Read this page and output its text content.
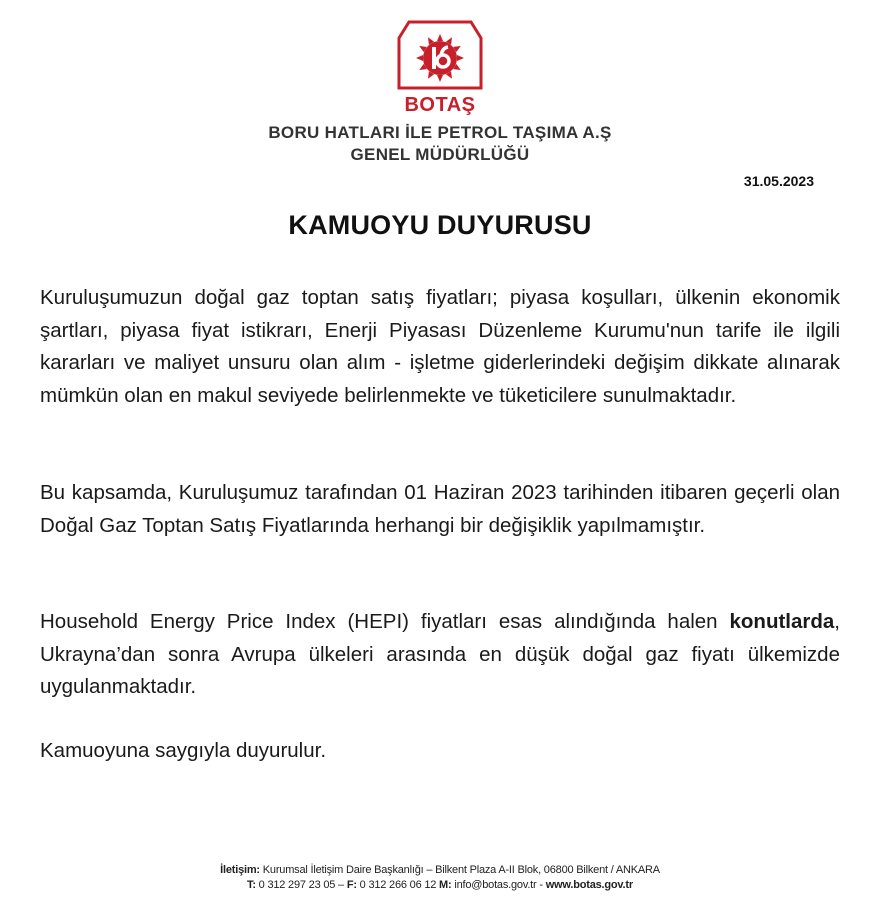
BOTAŞ
BORU HATLARI İLE PETROL TAŞIMA A.Ş
GENEL MÜDÜRLÜĞÜ
31.05.2023
KAMUOYU DUYURUSU
Kuruluşumuzun doğal gaz toptan satış fiyatları; piyasa koşulları, ülkenin ekonomik şartları, piyasa fiyat istikrarı, Enerji Piyasası Düzenleme Kurumu'nun tarife ile ilgili kararları ve maliyet unsuru olan alım - işletme giderlerindeki değişim dikkate alınarak mümkün olan en makul seviyede belirlenmekte ve tüketicilere sunulmaktadır.
Bu kapsamda, Kuruluşumuz tarafından 01 Haziran 2023 tarihinden itibaren geçerli olan Doğal Gaz Toptan Satış Fiyatlarında herhangi bir değişiklik yapılmamıştır.
Household Energy Price Index (HEPI) fiyatları esas alındığında halen konutlarda, Ukrayna’dan sonra Avrupa ülkeleri arasında en düşük doğal gaz fiyatı ülkemizde uygulanmaktadır.
Kamuoyuna saygıyla duyurulur.
İletişim: Kurumsal İletişim Daire Başkanlığı – Bilkent Plaza A-II Blok, 06800 Bilkent / ANKARA
T: 0 312 297 23 05 – F: 0 312 266 06 12 M: info@botas.gov.tr - www.botas.gov.tr
